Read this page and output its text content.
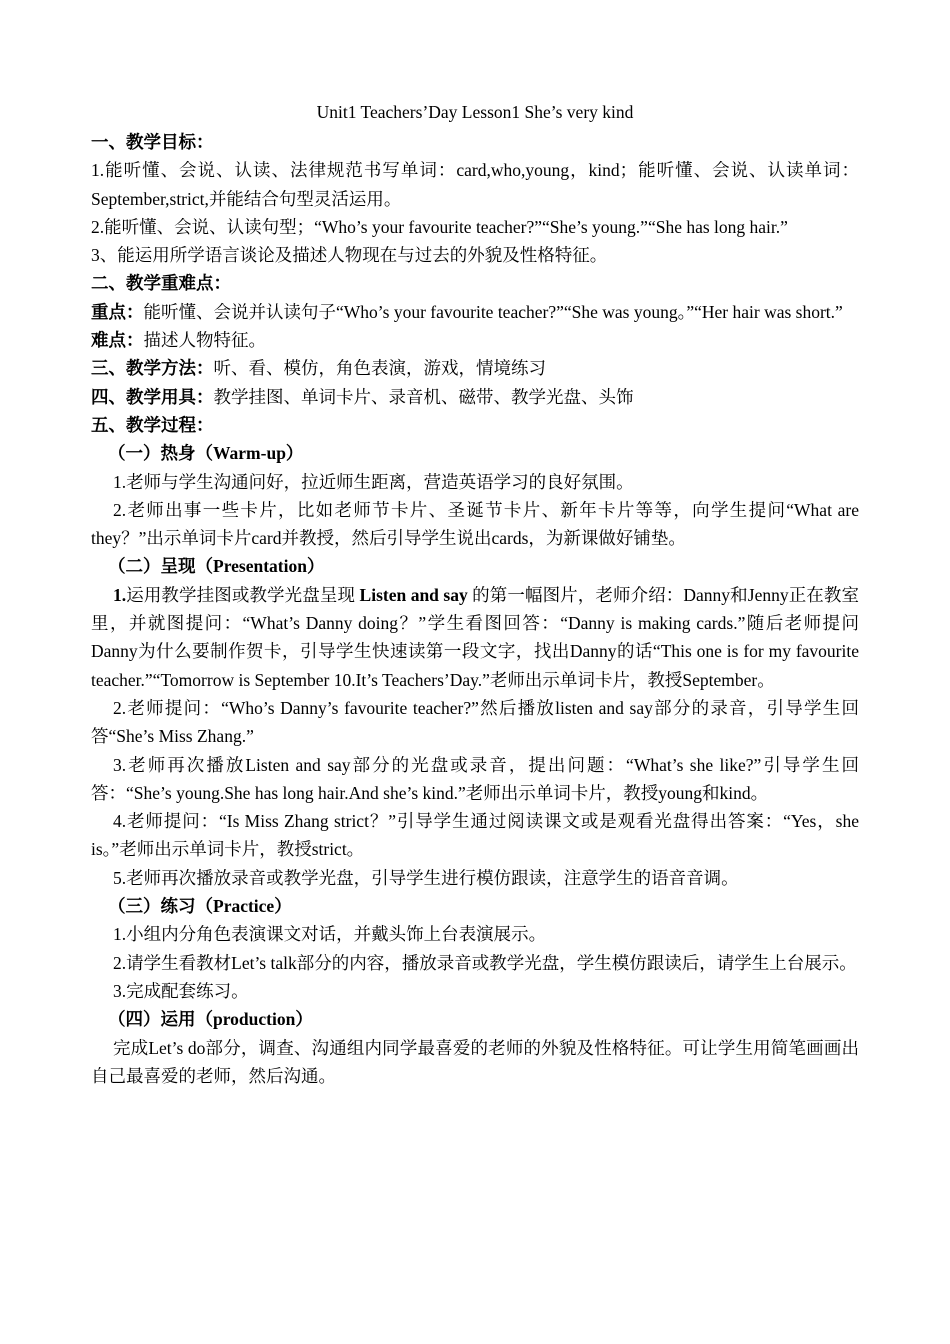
Unit1 Teachers’Day Lesson1 She’s very kind

一、教学目标：

1.能听懂、会说、认读、法律规范书写单词：card,who,young，kind；能听懂、会说、认读单词：September,strict,并能结合句型灵活运用。

2.能听懂、会说、认读句型；“Who’s your favourite teacher?”“She’s young.”“She has long hair.”

3、能运用所学语言谈论及描述人物现在与过去的外貌及性格特征。

二、教学重难点：

重点：能听懂、会说并认读句子“Who’s your favourite teacher?”“She was young。”“Her hair was short.”

难点：描述人物特征。

三、教学方法：听、看、模仿，角色表演，游戏，情境练习

四、教学用具：教学挂图、单词卡片、录音机、磁带、教学光盘、头饰

五、教学过程：

（一）热身（Warm-up）

1.老师与学生沟通问好，拉近师生距离，营造英语学习的良好氛围。

2.老师出事一些卡片，比如老师节卡片、圣诞节卡片、新年卡片等等，向学生提问“What are they？”出示单词卡片card并教授，然后引导学生说出cards，为新课做好铺垫。

（二）呈现（Presentation）

1.运用教学挂图或教学光盘呈现 Listen and say 的第一幅图片，老师介绍：Danny和Jenny正在教室里，并就图提问：“What’s Danny doing？”学生看图回答：“Danny is making cards.”随后老师提问Danny为什么要制作贺卡，引导学生快速读第一段文字，找出Danny的话“This one is for my favourite teacher.”“Tomorrow is September 10.It’s Teachers’Day.”老师出示单词卡片，教授September。

2.老师提问：“Who’s Danny’s favourite teacher?”然后播放listen and say部分的录音，引导学生回答“She’s Miss Zhang.”

3.老师再次播放Listen and say部分的光盘或录音，提出问题：“What’s she like?”引导学生回答：“She’s young.She has long hair.And she’s kind.”老师出示单词卡片，教授young和kind。

4.老师提问：“Is Miss Zhang strict？”引导学生通过阅读课文或是观看光盘得出答案：“Yes，she is。”老师出示单词卡片，教授strict。

5.老师再次播放录音或教学光盘，引导学生进行模仿跟读，注意学生的语音音调。

（三）练习（Practice）

1.小组内分角色表演课文对话，并戴头饰上台表演展示。

2.请学生看教材Let’s talk部分的内容，播放录音或教学光盘，学生模仿跟读后，请学生上台展示。

3.完成配套练习。

（四）运用（production）

完成Let’s do部分，调查、沟通组内同学最喜爱的老师的外貌及性格特征。可让学生用简笔画画出自己最喜爱的老师，然后沟通。
